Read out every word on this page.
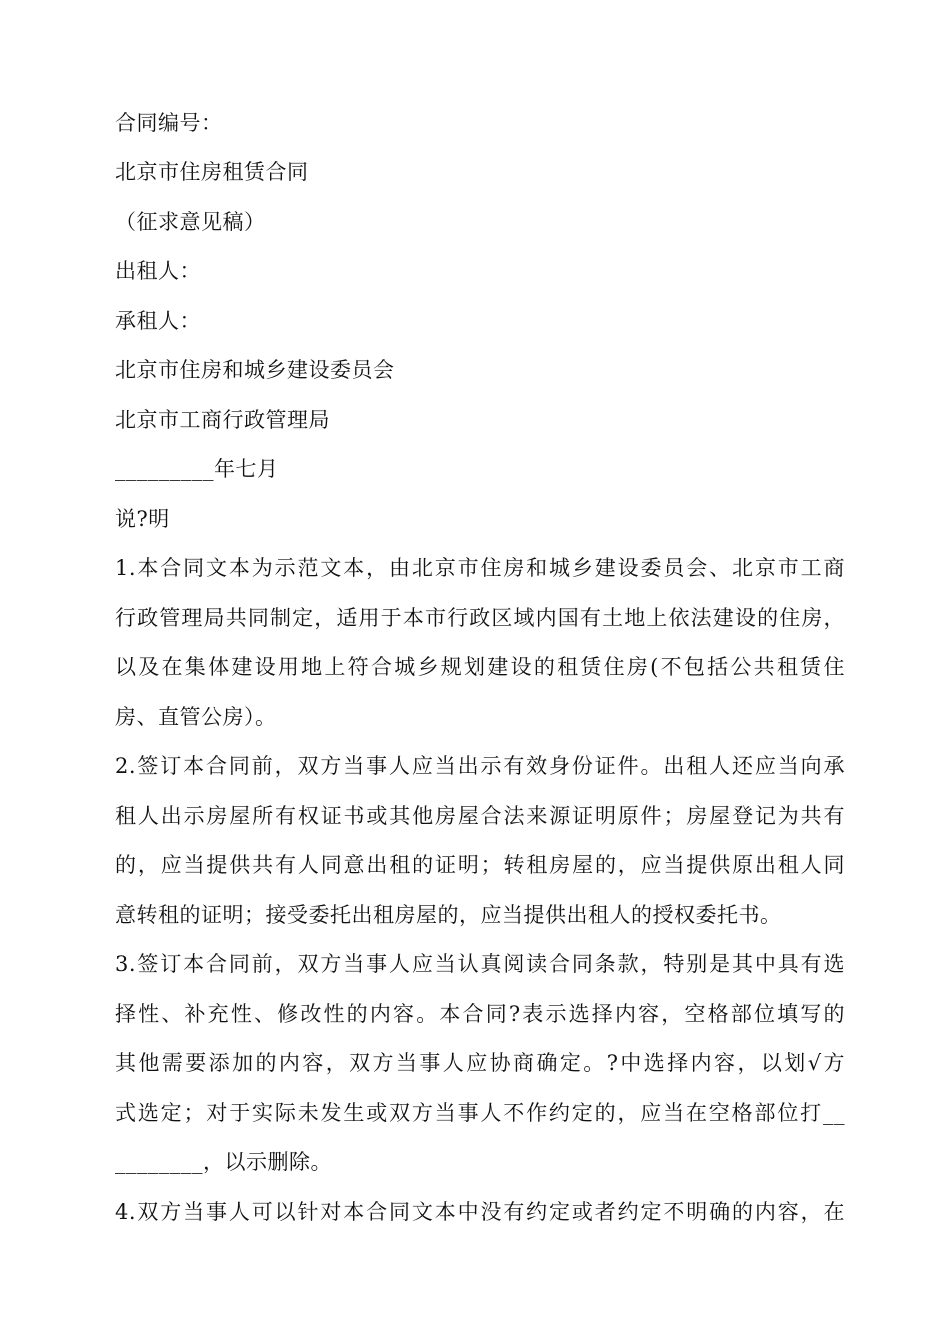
合同编号：

北京市住房租赁合同

（征求意见稿）

出租人：

承租人：

北京市住房和城乡建设委员会

北京市工商行政管理局

_________年七月

说?明

1.本合同文本为示范文本，由北京市住房和城乡建设委员会、北京市工商

行政管理局共同制定，适用于本市行政区域内国有土地上依法建设的住房，

以及在集体建设用地上符合城乡规划建设的租赁住房(不包括公共租赁住

房、直管公房）。

2.签订本合同前，双方当事人应当出示有效身份证件。出租人还应当向承

租人出示房屋所有权证书或其他房屋合法来源证明原件；房屋登记为共有

的，应当提供共有人同意出租的证明；转租房屋的，应当提供原出租人同

意转租的证明；接受委托出租房屋的，应当提供出租人的授权委托书。

3.签订本合同前，双方当事人应当认真阅读合同条款，特别是其中具有选

择性、补充性、修改性的内容。本合同?表示选择内容，空格部位填写的

其他需要添加的内容，双方当事人应协商确定。?中选择内容，以划√方

式选定；对于实际未发生或双方当事人不作约定的，应当在空格部位打__

________，以示删除。

4.双方当事人可以针对本合同文本中没有约定或者约定不明确的内容，在
